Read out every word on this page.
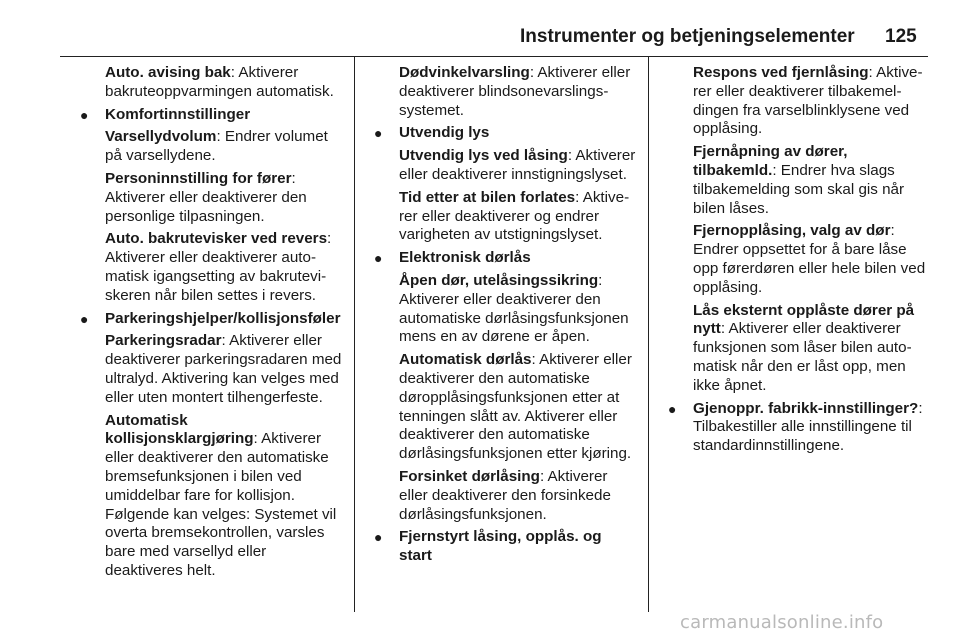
Instrumenter og betjeningselementer 125
Auto. avising bak: Aktiverer bakruteoppvarmingen automatisk.
● Komfortinnstillinger
Varsellydvolum: Endrer volumet på varsellydene.
Personinnstilling for fører: Aktiverer eller deaktiverer den personlige tilpasningen.
Auto. bakrutevisker ved revers: Aktiverer eller deaktiverer automatisk igangsetting av bakruteviskeren når bilen settes i revers.
● Parkeringshjelper/kollisjonsføler
Parkeringsradar: Aktiverer eller deaktiverer parkeringsradaren med ultralyd. Aktivering kan velges med eller uten montert tilhengerfeste.
Automatisk kollisjonsklargjøring: Aktiverer eller deaktiverer den automatiske bremsefunksjonen i bilen ved umiddelbar fare for kollisjon. Følgende kan velges: Systemet vil overta bremsekontrollen, varsles bare med varsellyd eller deaktiveres helt.
Dødvinkelvarsling: Aktiverer eller deaktiverer blindsonevarslingssystemet.
● Utvendig lys
Utvendig lys ved låsing: Aktiverer eller deaktiverer innstigningslyset.
Tid etter at bilen forlates: Aktiverer eller deaktiverer og endrer varigheten av utstigningslyset.
● Elektronisk dørlås
Åpen dør, utelåsingssikring: Aktiverer eller deaktiverer den automatiske dørlåsingsfunksjonen mens en av dørene er åpen.
Automatisk dørlås: Aktiverer eller deaktiverer den automatiske døropplåsingsfunksjonen etter at tenningen slått av. Aktiverer eller deaktiverer den automatiske dørlåsingsfunksjonen etter kjøring.
Forsinket dørlåsing: Aktiverer eller deaktiverer den forsinkede dørlåsingsfunksjonen.
● Fjernstyrt låsing, opplås. og start
Respons ved fjernlåsing: Aktiverer eller deaktiverer tilbakemeldingen fra varselblinklysene ved opplåsing.
Fjernåpning av dører, tilbakemld.: Endrer hva slags tilbakemelding som skal gis når bilen låses.
Fjernopplåsing, valg av dør: Endrer oppsettet for å bare låse opp førerdøren eller hele bilen ved opplåsing.
Lås eksternt opplåste dører på nytt: Aktiverer eller deaktiverer funksjonen som låser bilen automatisk når den er låst opp, men ikke åpnet.
● Gjenoppr. fabrikk-innstillinger?: Tilbakestiller alle innstillingene til standardinnstillingene.
carmanualsonline.info
